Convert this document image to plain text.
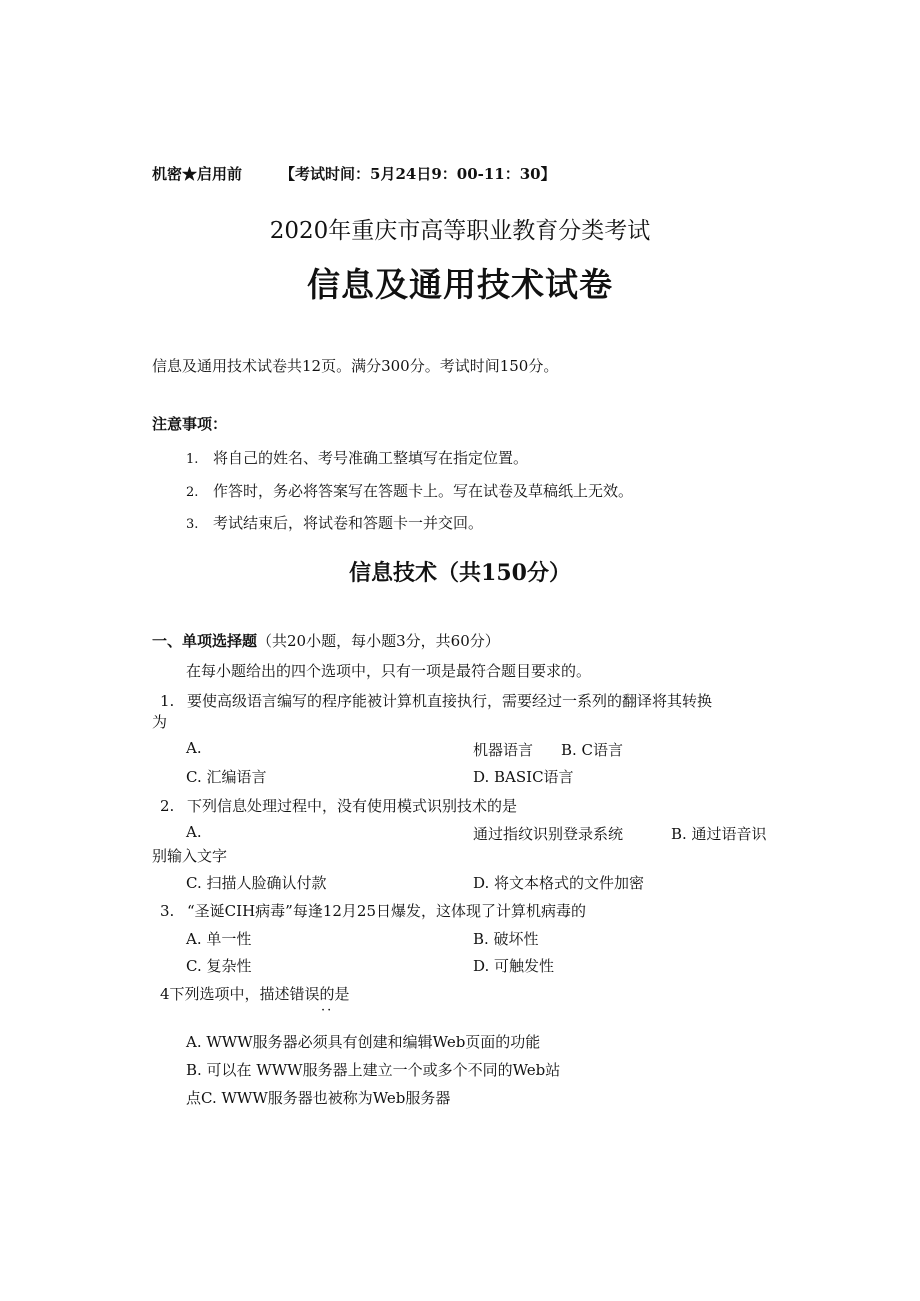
机密★启用前	【考试时间：5月24日9：00-11：30】
2020年重庆市高等职业教育分类考试
信息及通用技术试卷
信息及通用技术试卷共12页。满分300分。考试时间150分。
注意事项：
1. 将自己的姓名、考号准确工整填写在指定位置。
2. 作答时，务必将答案写在答题卡上。写在试卷及草稿纸上无效。
3. 考试结束后，将试卷和答题卡一并交回。
信息技术（共150分）
一、单项选择题（共20小题，每小题3分，共60分）
在每小题给出的四个选项中，只有一项是最符合题目要求的。
1. 要使高级语言编写的程序能被计算机直接执行，需要经过一系列的翻译将其转换
为
A.	机器语言 B. C语言
C. 汇编语言	D. BASIC语言
2. 下列信息处理过程中，没有使用模式识别技术的是
A.	通过指纹识别登录系统	B. 通过语音识
别输入文字
C. 扫描人脸确认付款	D. 将文本格式的文件加密
3. “圣诞CIH病毒”每逢12月25日爆发，这体现了计算机病毒的
A. 单一性	B. 破坏性
C. 复杂性	D. 可触发性
4下列选项中，描述错误的是
··
A. WWW服务器必须具有创建和编辑Web页面的功能
B. 可以在 WWW服务器上建立一个或多个不同的Web站
点C. WWW服务器也被称为Web服务器
